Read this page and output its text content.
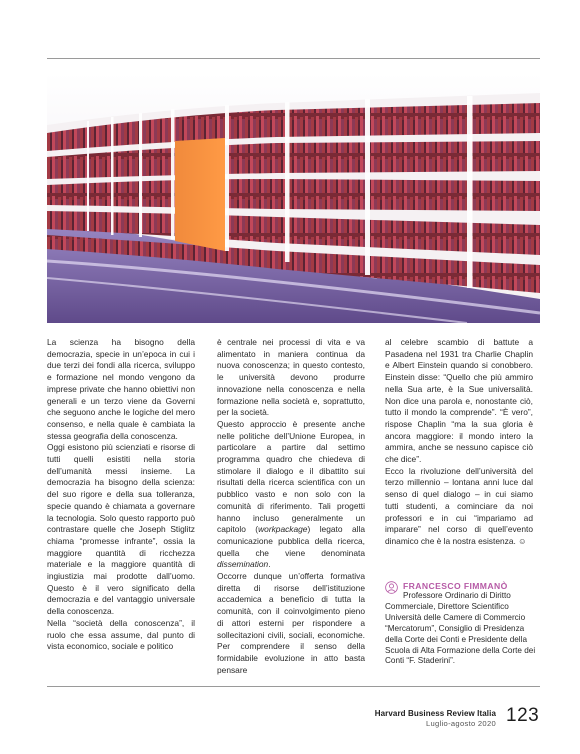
La scienza ha bisogno della democrazia, specie in un’epoca in cui i due terzi dei fondi alla ricerca, sviluppo e formazione nel mondo vengono da imprese private che hanno obiettivi non generali e un terzo viene da Governi che seguono anche le logiche del mero consenso, e nella quale è cambiata la stessa geografia della conoscenza.

Oggi esistono più scienziati e risorse di tutti quelli esistiti nella storia dell’umanità messi insieme. La democrazia ha bisogno della scienza: del suo rigore e della sua tolleranza, specie quando è chiamata a governare la tecnologia. Solo questo rapporto può contrastare quelle che Joseph Stiglitz chiama “promesse infrante”, ossia la maggiore quantità di ricchezza materiale e la maggiore quantità di ingiustizia mai prodotte dall’uomo. Questo è il vero significato della democrazia e del vantaggio universale della conoscenza.

Nella “società della conoscenza”, il ruolo che essa assume, dal punto di vista economico, sociale e politico

è centrale nei processi di vita e va alimentato in maniera continua da nuova conoscenza; in questo contesto, le università devono produrre innovazione nella conoscenza e nella formazione nella società e, soprattutto, per la società.

Questo approccio è presente anche nelle politiche dell’Unione Europea, in particolare a partire dal settimo programma quadro che chiedeva di stimolare il dialogo e il dibattito sui risultati della ricerca scientifica con un pubblico vasto e non solo con la comunità di riferimento. Tali progetti hanno incluso generalmente un capitolo (workpackage) legato alla comunicazione pubblica della ricerca, quella che viene denominata dissemination.

Occorre dunque un’offerta formativa diretta di risorse dell’istituzione accademica a beneficio di tutta la comunità, con il coinvolgimento pieno di attori esterni per rispondere a sollecitazioni civili, sociali, economiche. Per comprendere il senso della formidabile evoluzione in atto basta pensare

al celebre scambio di battute a Pasadena nel 1931 tra Charlie Chaplin e Albert Einstein quando si conobbero. Einstein disse: “Quello che più ammiro nella Sua arte, è la Sue universalità. Non dice una parola e, nonostante ciò, tutto il mondo la comprende”. “È vero”, rispose Chaplin “ma la sua gloria è ancora maggiore: il mondo intero la ammira, anche se nessuno capisce ciò che dice”.

Ecco la rivoluzione dell’università del terzo millennio – lontana anni luce dal senso di quel dialogo – in cui siamo tutti studenti, a cominciare da noi professori e in cui “impariamo ad imparare” nel corso di quell’evento dinamico che è la nostra esistenza. ☺

FRANCESCO FIMMANÒ
Professore Ordinario di Diritto Commerciale, Direttore Scientifico Università delle Camere di Commercio “Mercatorum”, Consiglio di Presidenza della Corte dei Conti e Presidente della Scuola di Alta Formazione della Corte dei Conti “F. Staderini”.
Harvard Business Review Italia
Luglio-agosto 2020 123
